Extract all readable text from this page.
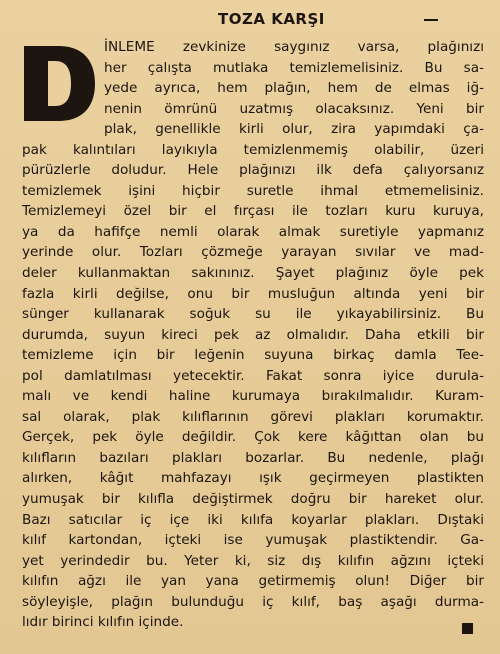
TOZA KARŞI
İNLEME zevkinize saygınız varsa, plağınızı
her çalışta mutlaka temizlemelisiniz. Bu sa-
yede ayrıca, hem plağın, hem de elmas iğ-
nenin ömrünü uzatmış olacaksınız. Yeni bir
plak, genellikle kirli olur, zira yapımdaki ça-
pak kalıntıları layıkıyla temizlenmemiş olabilir, üzeri
pürüzlerle doludur. Hele plağınızı ilk defa çalıyorsanız
temizlemek işini hiçbir suretle ihmal etmemelisiniz.
Temizlemeyi özel bir el fırçası ile tozları kuru kuruya,
ya da hafifçe nemli olarak almak suretiyle yapmanız
yerinde olur. Tozları çözmeğe yarayan sıvılar ve mad-
deler kullanmaktan sakınınız. Şayet plağınız öyle pek
fazla kirli değilse, onu bir musluğun altında yeni bir
sünger kullanarak soğuk su ile yıkayabilirsiniz. Bu
durumda, suyun kireci pek az olmalıdır. Daha etkili bir
temizleme için bir leğenin suyuna birkaç damla Tee-
pol damlatılması yetecektir. Fakat sonra iyice durula-
malı ve kendi haline kurumaya bırakılmalıdır. Kuram-
sal olarak, plak kılıflarının görevi plakları korumaktır.
Gerçek, pek öyle değildir. Çok kere kâğıttan olan bu
kılıfların bazıları plakları bozarlar. Bu nedenle, plağı
alırken, kâğıt mahfazayı ışık geçirmeyen plastikten
yumuşak bir kılıfla değiştirmek doğru bir hareket olur.
Bazı satıcılar iç içe iki kılıfa koyarlar plakları. Dıştaki
kılıf kartondan, içteki ise yumuşak plastiktendir. Ga-
yet yerindedir bu. Yeter ki, siz dış kılıfın ağzını içteki
kılıfın ağzı ile yan yana getirmemiş olun! Diğer bir
söyleyişle, plağın bulunduğu iç kılıf, baş aşağı durma-
lıdır birinci kılıfın içinde.
